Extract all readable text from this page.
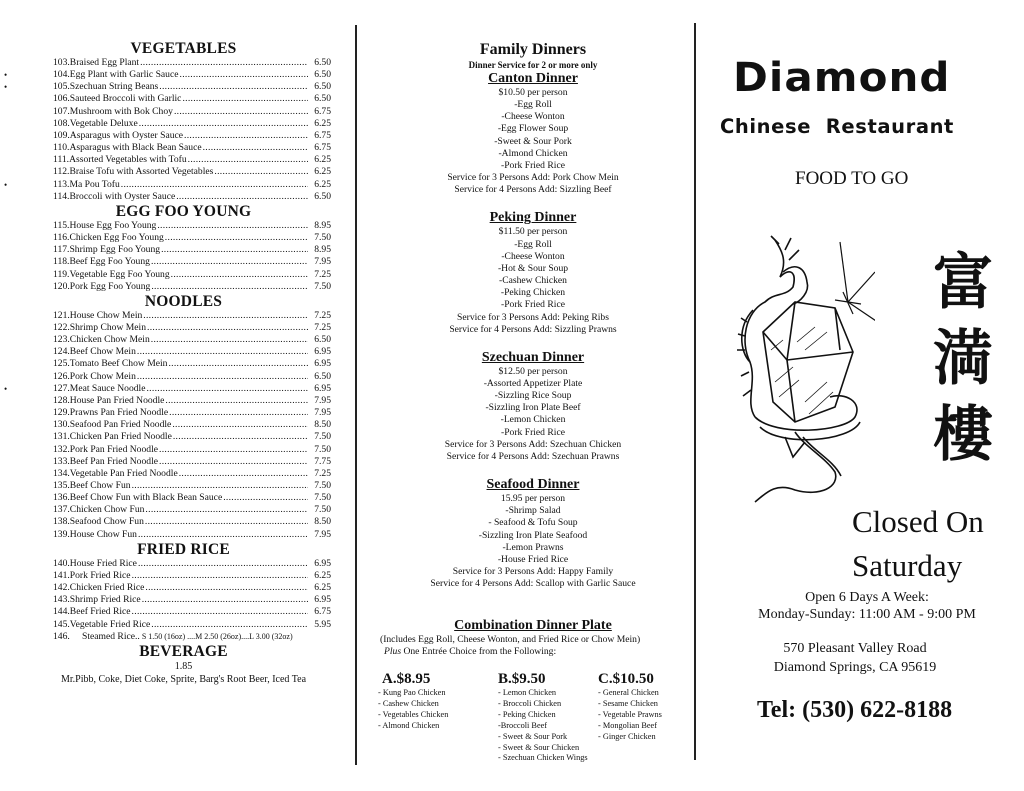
VEGETABLES
103. Braised Egg Plant .....	6.50
•	104. Egg Plant with Garlic Sauce .....	6.50
•	105. Szechuan String Beans .....	6.50
106. Sauteed Broccoli with Garlic .....	6.50
107. Mushroom with Bok Choy .....	6.75
108. Vegetable Deluxe .....	6.25
109. Asparagus with Oyster Sauce .....	6.75
110. Asparagus with Black Bean Sauce .....	6.75
111. Assorted Vegetables with Tofu .....	6.25
112. Braise Tofu with Assorted Vegetables .....	6.25
•	113. Ma Pou Tofu .....	6.25
114. Broccoli with Oyster Sauce .....	6.50
EGG FOO YOUNG
115. House Egg Foo Young .....	8.95
116. Chicken Egg Foo Young .....	7.50
117. Shrimp Egg Foo Young .....	8.95
118. Beef Egg Foo Young .....	7.95
119. Vegetable Egg Foo Young .....	7.25
120. Pork Egg Foo Young .....	7.50
NOODLES
121. House Chow Mein .....	7.25
122. Shrimp Chow Mein .....	7.25
123. Chicken Chow Mein .....	6.50
124. Beef Chow Mein .....	6.95
125. Tomato Beef Chow Mein .....	6.95
126. Pork Chow Mein .....	6.50
•	127. Meat Sauce Noodle .....	6.95
128. House Pan Fried Noodle .....	7.95
129. Prawns Pan Fried Noodle .....	7.95
130. Seafood Pan Fried Noodle .....	8.50
131. Chicken Pan Fried Noodle .....	7.50
132. Pork Pan Fried Noodle .....	7.50
133. Beef Pan Fried Noodle .....	7.75
134. Vegetable Pan Fried Noodle .....	7.25
135. Beef Chow Fun .....	7.50
136. Beef Chow Fun with Black Bean Sauce .....	7.50
137. Chicken Chow Fun .....	7.50
138. Seafood Chow Fun .....	8.50
139. House Chow Fun .....	7.95
FRIED RICE
140. House Fried Rice .....	6.95
141. Pork Fried Rice .....	6.25
142. Chicken Fried Rice .....	6.25
143. Shrimp Fried Rice .....	6.95
144. Beef Fried Rice .....	6.75
145. Vegetable Fried Rice .....	5.95
146.	Steamed Rice.. S 1.50 (16oz) ....M 2.50 (26oz)....L 3.00 (32oz)
BEVERAGE
1.85
Mr.Pibb, Coke, Diet Coke, Sprite, Barg's Root Beer, Iced Tea
Family Dinners
Dinner Service for 2 or more only
Canton Dinner
$10.50 per person
-Egg Roll
-Cheese Wonton
-Egg Flower Soup
-Sweet & Sour Pork
-Almond Chicken
-Pork Fried Rice
Service for 3 Persons Add: Pork Chow Mein
Service for 4 Persons Add: Sizzling Beef
Peking Dinner
$11.50 per person
-Egg Roll
-Cheese Wonton
-Hot & Sour Soup
-Cashew Chicken
-Peking Chicken
-Pork Fried Rice
Service for 3 Persons Add: Peking Ribs
Service for 4 Persons Add: Sizzling Prawns
Szechuan Dinner
$12.50 per person
-Assorted Appetizer Plate
-Sizzling Rice Soup
-Sizzling Iron Plate Beef
-Lemon Chicken
-Pork Fried Rice
Service for 3 Persons Add: Szechuan Chicken
Service for 4 Persons Add: Szechuan Prawns
Seafood Dinner
15.95 per person
-Shrimp Salad
- Seafood & Tofu Soup
-Sizzling Iron Plate Seafood
-Lemon Prawns
-House Fried Rice
Service for 3 Persons Add: Happy Family
Service for 4 Persons Add: Scallop with Garlic Sauce
Combination Dinner Plate
(Includes Egg Roll, Cheese Wonton, and Fried Rice or Chow Mein)
Plus One Entrée Choice from the Following:
A.$8.95
- Kung Pao Chicken
- Cashew Chicken
- Vegetables Chicken
- Almond Chicken
B.$9.50
- Lemon Chicken
- Broccoli Chicken
- Peking Chicken
-Broccoli Beef
- Sweet & Sour Pork
- Sweet & Sour Chicken
- Szechuan Chicken Wings
C.$10.50
- General Chicken
- Sesame Chicken
- Vegetable Prawns
- Mongolian Beef
- Ginger Chicken
Diamond
Chinese  Restaurant
FOOD TO GO
富
満
樓
Closed On
Saturday
Open 6 Days A Week:
Monday-Sunday: 11:00 AM - 9:00 PM
570 Pleasant Valley Road
Diamond Springs, CA 95619
Tel: (530) 622-8188
